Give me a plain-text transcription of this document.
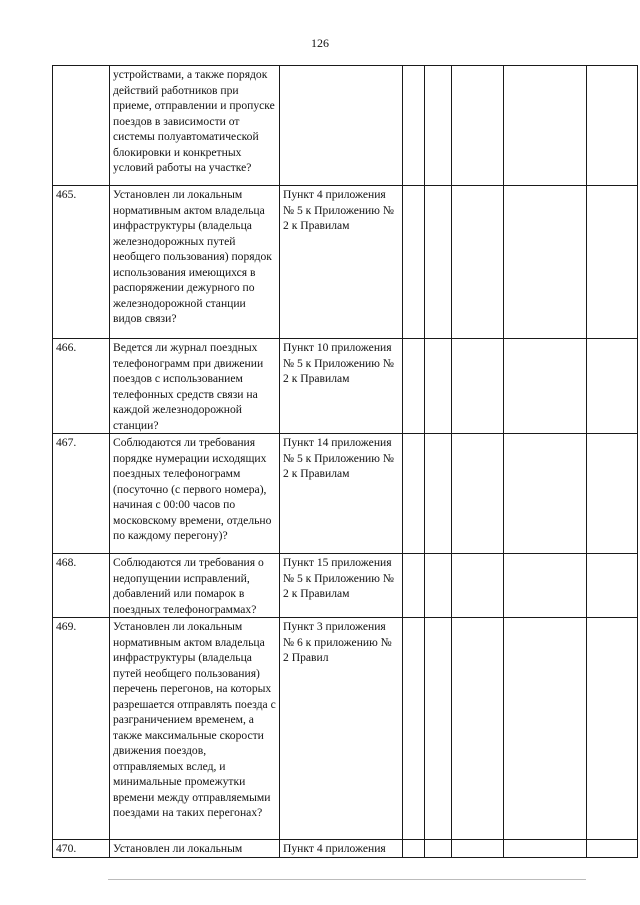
126

	устройствами, а также порядок действий работников при приеме, отправлении и пропуске поездов в зависимости от системы полуавтоматической блокировки и конкретных условий работы на участке?						

465.	Установлен ли локальным нормативным актом владельца инфраструктуры (владельца железнодорожных путей необщего пользования) порядок использования имеющихся в распоряжении дежурного по железнодорожной станции видов связи?	Пункт 4 приложения № 5 к Приложению № 2 к Правилам					

466.	Ведется ли журнал поездных телефонограмм при движении поездов с использованием телефонных средств связи на каждой железнодорожной станции?	Пункт 10 приложения № 5 к Приложению № 2 к Правилам					

467.	Соблюдаются ли требования порядке нумерации исходящих поездных телефонограмм (посуточно (с первого номера), начиная с 00:00 часов по московскому времени, отдельно по каждому перегону)?	Пункт 14 приложения № 5 к Приложению № 2 к Правилам					

468.	Соблюдаются ли требования о недопущении исправлений, добавлений или помарок в поездных телефонограммах?	Пункт 15 приложения № 5 к Приложению № 2 к Правилам					

469.	Установлен ли локальным нормативным актом владельца инфраструктуры (владельца путей необщего пользования) перечень перегонов, на которых разрешается отправлять поезда с разграничением временем, а также максимальные скорости движения поездов, отправляемых вслед, и минимальные промежутки времени между отправляемыми поездами на таких перегонах?	Пункт 3 приложения № 6 к приложению № 2 Правил					

470.	Установлен ли локальным	Пункт 4 приложения					
